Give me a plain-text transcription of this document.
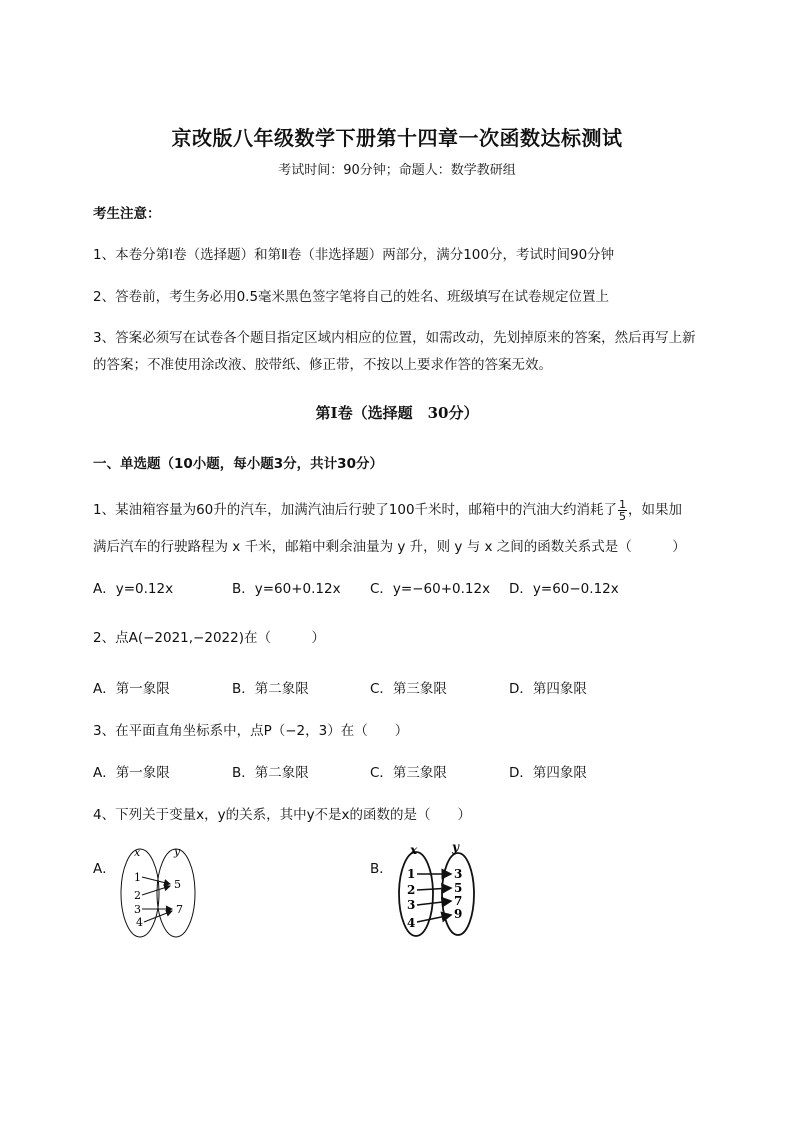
京改版八年级数学下册第十四章一次函数达标测试
考试时间：90分钟；命题人：数学教研组
考生注意：
1、本卷分第I卷（选择题）和第Ⅱ卷（非选择题）两部分，满分100分，考试时间90分钟
2、答卷前，考生务必用0.5毫米黑色签字笔将自己的姓名、班级填写在试卷规定位置上
3、答案必须写在试卷各个题目指定区域内相应的位置，如需改动，先划掉原来的答案，然后再写上新
的答案；不准使用涂改液、胶带纸、修正带，不按以上要求作答的答案无效。
第I卷（选择题　30分）
一、单选题（10小题，每小题3分，共计30分）
1、某油箱容量为60升的汽车，加满汽油后行驶了100千米时，邮箱中的汽油大约消耗了 $\frac{1}{5}$ ，如果加
满后汽车的行驶路程为 x 千米，邮箱中剩余油量为 y 升，则 y 与 x 之间的函数关系式是（　　　）
A．y=0.12x	B．y=60+0.12x C．y=−60+0.12x D．y=60−0.12x
2、点A(−2021,−2022)在（　　　）
A．第一象限	B．第二象限	C．第三象限	D．第四象限
3、在平面直角坐标系中，点P（−2，3）在（　　）
A．第一象限	B．第二象限	C．第三象限	D．第四象限
4、下列关于变量x，y的关系，其中y不是x的函数的是（　　）
A．
x	y
1
2
3
4
5
7
B．
x	y
1
2
3
4
3
5
7
9
